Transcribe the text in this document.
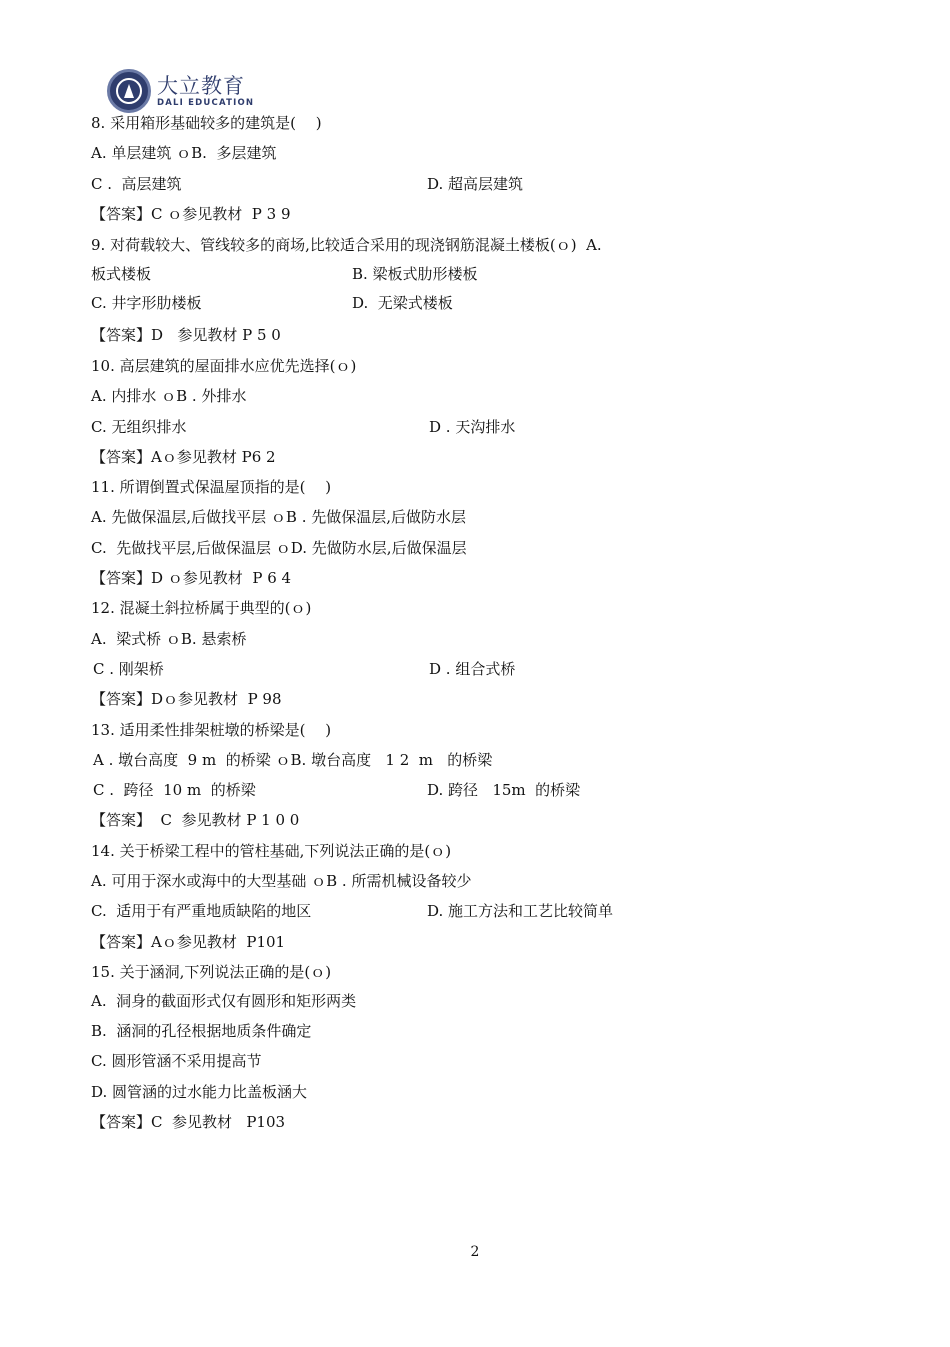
大立教育
DALI EDUCATION
8. 采用箱形基础较多的建筑是(　 )
A. 单层建筑 ｏB.  多层建筑
C .  高层建筑	D. 超高层建筑
【答案】C ｏ参见教材  P 3 9
9. 对荷载较大、管线较多的商场,比较适合采用的现浇钢筋混凝土楼板(ｏ)  A.
板式楼板	B. 梁板式肋形楼板
C. 井字形肋楼板	D.  无梁式楼板
【答案】D   参见教材 P 5 0
10. 高层建筑的屋面排水应优先选择(ｏ)
A. 内排水 ｏB . 外排水
C. 无组织排水	D . 天沟排水
【答案】Aｏ参见教材 P6 2
11. 所谓倒置式保温屋顶指的是(　 )
A. 先做保温层,后做找平层 ｏB . 先做保温层,后做防水层
C.  先做找平层,后做保温层 ｏD. 先做防水层,后做保温层
【答案】D ｏ参见教材  P 6 4
12. 混凝土斜拉桥属于典型的(ｏ)
A.  梁式桥 ｏB. 悬索桥
C . 刚架桥	D . 组合式桥
【答案】Dｏ参见教材  P 98
13. 适用柔性排架桩墩的桥梁是(　 )
A . 墩台高度  9 m  的桥梁 ｏB. 墩台高度   1 2  m   的桥梁
C .  跨径  10 m  的桥梁	D. 跨径   15m  的桥梁
【答案】  C  参见教材 P 1 0 0
14. 关于桥梁工程中的管柱基础,下列说法正确的是(ｏ)
A. 可用于深水或海中的大型基础 ｏB . 所需机械设备较少
C.  适用于有严重地质缺陷的地区	D. 施工方法和工艺比较简单
【答案】Aｏ参见教材  P101
15. 关于涵洞,下列说法正确的是(ｏ)
A.  洞身的截面形式仅有圆形和矩形两类
B.  涵洞的孔径根据地质条件确定
C. 圆形管涵不采用提高节
D. 圆管涵的过水能力比盖板涵大
【答案】C  参见教材   P103
2
